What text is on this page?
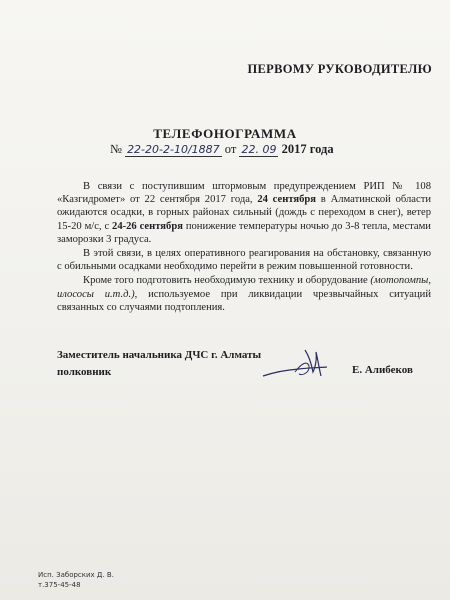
ПЕРВОМУ РУКОВОДИТЕЛЮ
ТЕЛЕФОНОГРАММА
№ 22-20-2-10/1887 от 22. 09 2017 года

В связи с поступившим штормовым предупреждением РИП № 108 «Казгидромет» от 22 сентября 2017 года, 24 сентября в Алматинской области ожидаются осадки, в горных районах сильный (дождь с переходом в снег), ветер 15-20 м/с, с 24-26 сентября понижение температуры ночью до 3-8 тепла, местами заморозки 3 градуса.

В этой связи, в целях оперативного реагирования на обстановку, связанную с обильными осадками необходимо перейти в режим повышенной готовности.

Кроме того подготовить необходимую технику и оборудование (мотопомпы, илососы и.т.д.), используемое при ликвидации чрезвычайных ситуаций связанных со случаями подтопления.

Заместитель начальника ДЧС г. Алматы
полковник	Е. Алибеков
Исп. Заборских Д. В.
т.375-45-48
